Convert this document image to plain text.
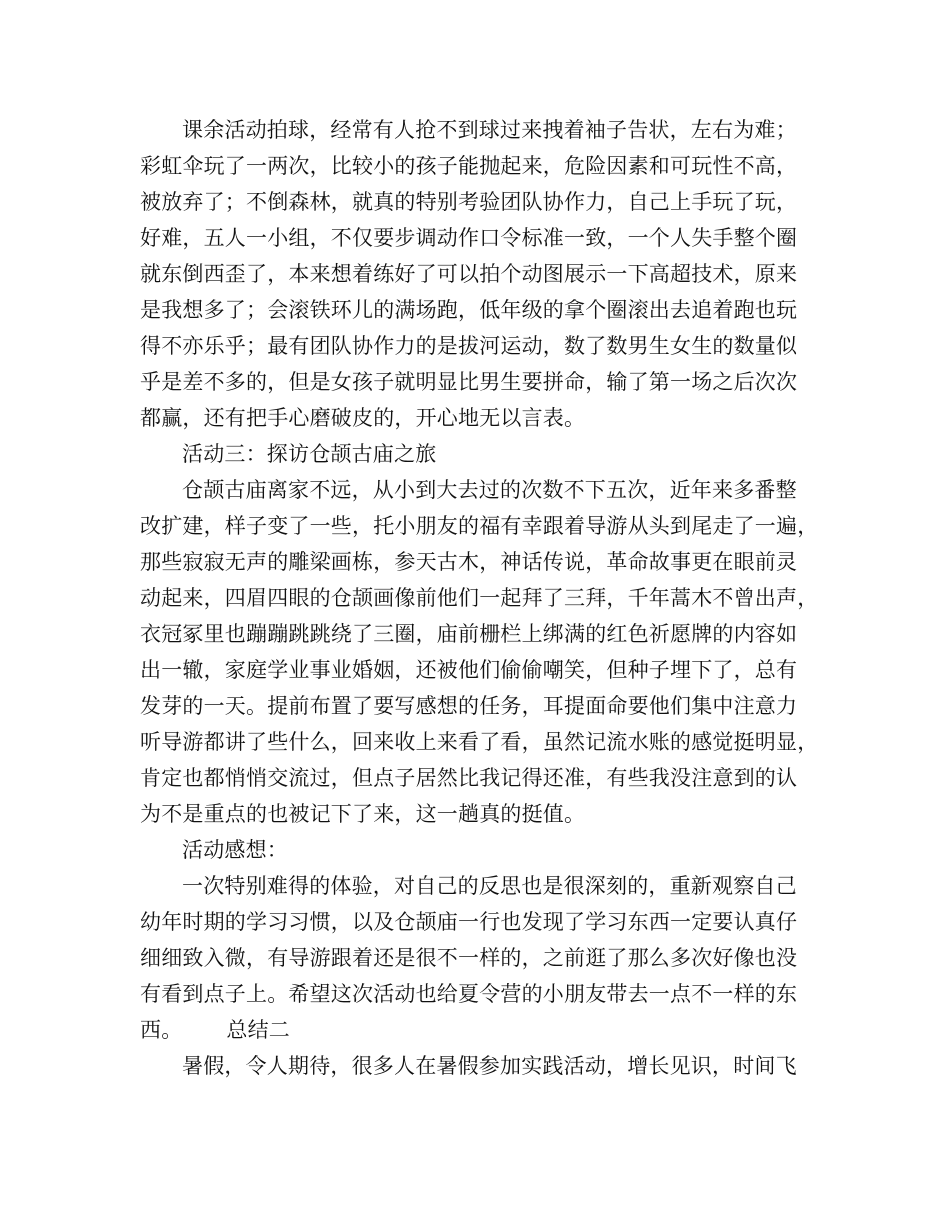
课余活动拍球，经常有人抢不到球过来拽着袖子告状，左右为难；
彩虹伞玩了一两次，比较小的孩子能抛起来，危险因素和可玩性不高，
被放弃了；不倒森林，就真的特别考验团队协作力，自己上手玩了玩，
好难，五人一小组，不仅要步调动作口令标准一致，一个人失手整个圈
就东倒西歪了，本来想着练好了可以拍个动图展示一下高超技术，原来
是我想多了；会滚铁环儿的满场跑，低年级的拿个圈滚出去追着跑也玩
得不亦乐乎；最有团队协作力的是拔河运动，数了数男生女生的数量似
乎是差不多的，但是女孩子就明显比男生要拼命，输了第一场之后次次
都赢，还有把手心磨破皮的，开心地无以言表。
活动三：探访仓颉古庙之旅
仓颉古庙离家不远，从小到大去过的次数不下五次，近年来多番整
改扩建，样子变了一些，托小朋友的福有幸跟着导游从头到尾走了一遍，
那些寂寂无声的雕梁画栋，参天古木，神话传说，革命故事更在眼前灵
动起来，四眉四眼的仓颉画像前他们一起拜了三拜，千年蒿木不曾出声，
衣冠冢里也蹦蹦跳跳绕了三圈，庙前栅栏上绑满的红色祈愿牌的内容如
出一辙，家庭学业事业婚姻，还被他们偷偷嘲笑，但种子埋下了，总有
发芽的一天。提前布置了要写感想的任务，耳提面命要他们集中注意力
听导游都讲了些什么，回来收上来看了看，虽然记流水账的感觉挺明显，
肯定也都悄悄交流过，但点子居然比我记得还准，有些我没注意到的认
为不是重点的也被记下了来，这一趟真的挺值。
活动感想：
一次特别难得的体验，对自己的反思也是很深刻的，重新观察自己
幼年时期的学习习惯，以及仓颉庙一行也发现了学习东西一定要认真仔
细细致入微，有导游跟着还是很不一样的，之前逛了那么多次好像也没
有看到点子上。希望这次活动也给夏令营的小朋友带去一点不一样的东
西。 总结二
暑假，令人期待，很多人在暑假参加实践活动，增长见识，时间飞
